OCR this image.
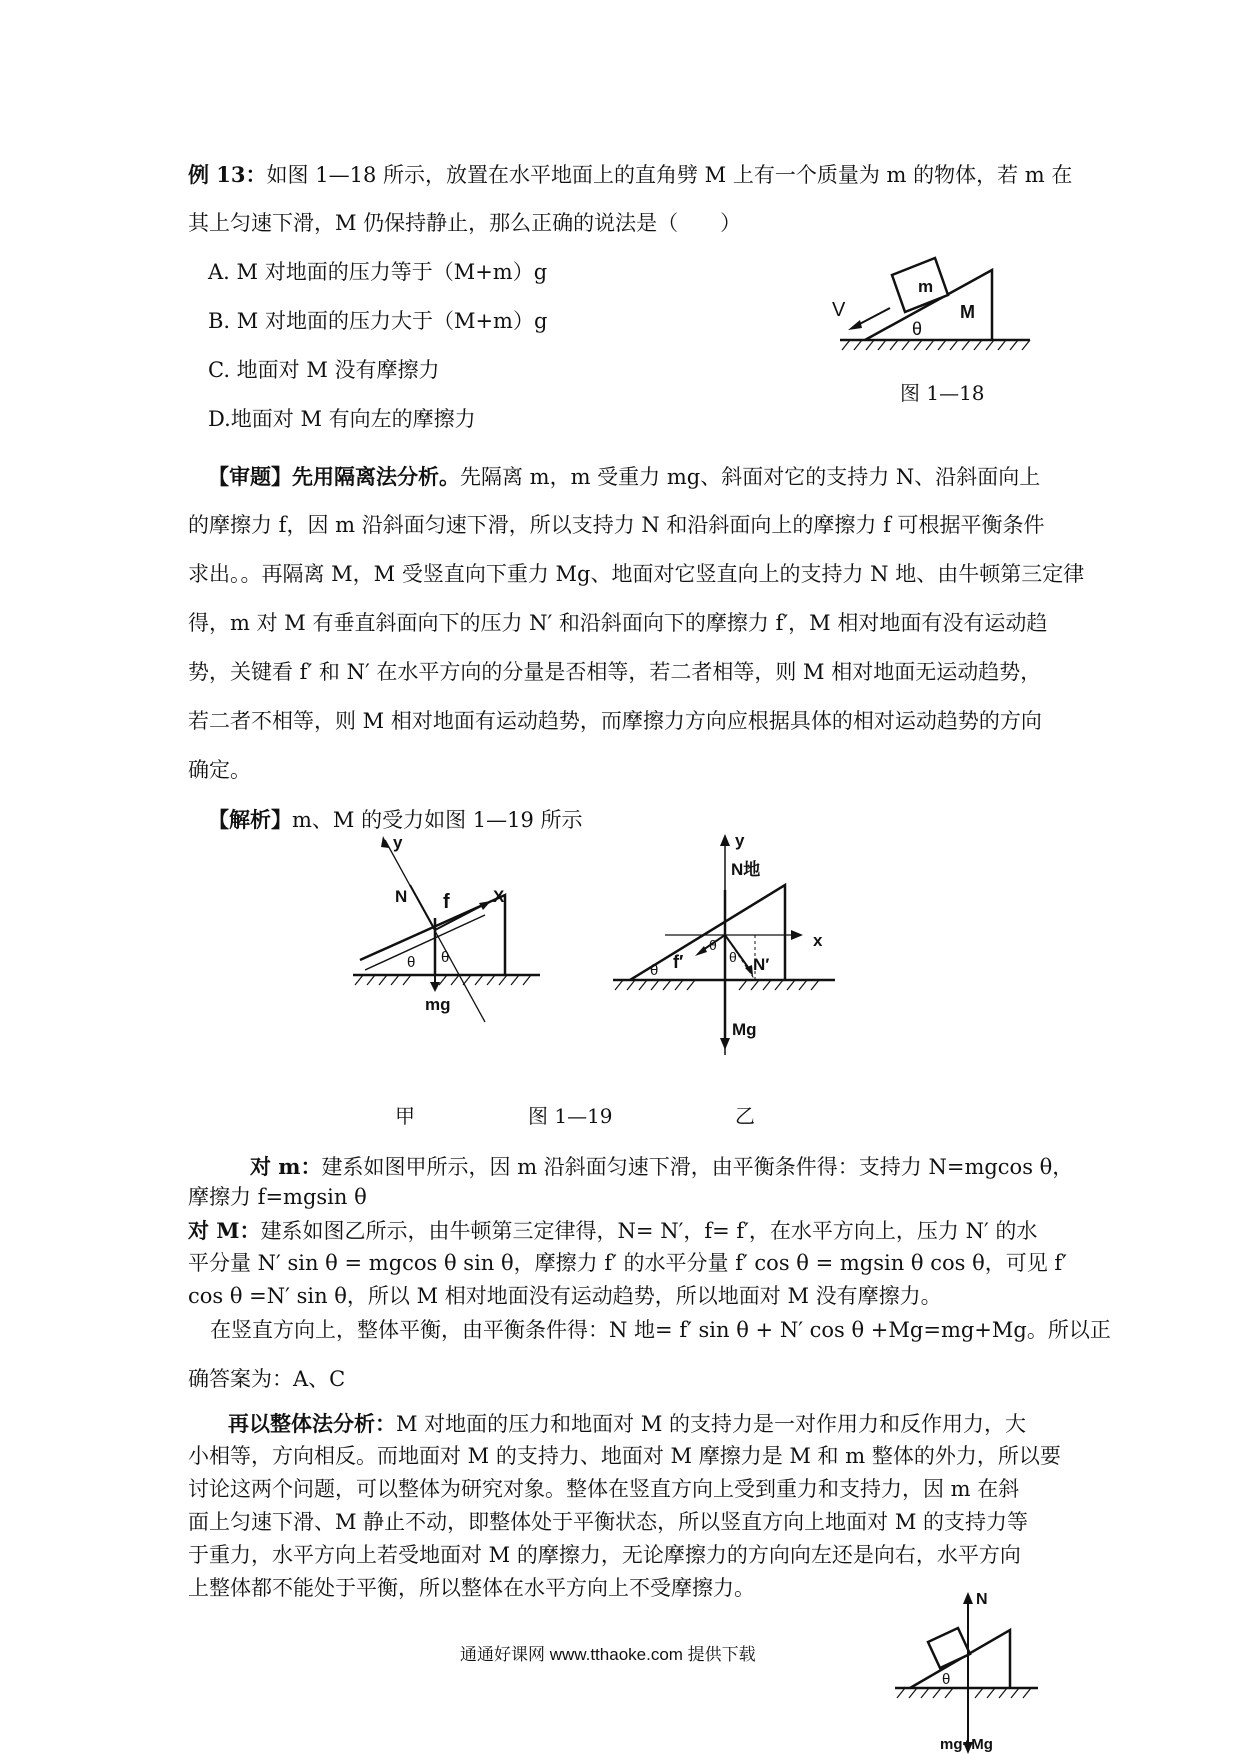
例 13：如图 1—18 所示，放置在水平地面上的直角劈 M 上有一个质量为 m 的物体，若 m 在
其上匀速下滑，M 仍保持静止，那么正确的说法是（　　）
A. M 对地面的压力等于（M+m）g
B. M 对地面的压力大于（M+m）g
C. 地面对 M 没有摩擦力
D.地面对 M 有向左的摩擦力
V
m
θ
M
图 1—18
【审题】先用隔离法分析。先隔离 m，m 受重力 mg、斜面对它的支持力 N、沿斜面向上
的摩擦力 f，因 m 沿斜面匀速下滑，所以支持力 N 和沿斜面向上的摩擦力 f 可根据平衡条件
求出。。再隔离 M，M 受竖直向下重力 Mg、地面对它竖直向上的支持力 N 地、由牛顿第三定律
得，m 对 M 有垂直斜面向下的压力 N′ 和沿斜面向下的摩擦力 f′，M 相对地面有没有运动趋
势，关键看 f′ 和 N′ 在水平方向的分量是否相等，若二者相等，则 M 相对地面无运动趋势，
若二者不相等，则 M 相对地面有运动趋势，而摩擦力方向应根据具体的相对运动趋势的方向
确定。
【解析】m、M 的受力如图 1—19 所示
y
N f	X
θ θ
mg
y
N地
x
f′
θ
θ
θ N′
Mg
甲	图 1—19	乙
对 m：建系如图甲所示，因 m 沿斜面匀速下滑，由平衡条件得：支持力 N=mgcos θ，
摩擦力 f=mgsin θ
对 M：建系如图乙所示，由牛顿第三定律得，N= N′，f= f′，在水平方向上，压力 N′ 的水
平分量 N′ sin θ = mgcos θ sin θ，摩擦力 f′ 的水平分量 f′ cos θ = mgsin θ cos θ，可见 f′
cos θ =N′ sin θ，所以 M 相对地面没有运动趋势，所以地面对 M 没有摩擦力。
在竖直方向上，整体平衡，由平衡条件得：N 地= f′ sin θ + N′ cos θ +Mg=mg+Mg。所以正
确答案为：A、C
再以整体法分析：M 对地面的压力和地面对 M 的支持力是一对作用力和反作用力，大
小相等，方向相反。而地面对 M 的支持力、地面对 M 摩擦力是 M 和 m 整体的外力，所以要
讨论这两个问题，可以整体为研究对象。整体在竖直方向上受到重力和支持力，因 m 在斜
面上匀速下滑、M 静止不动，即整体处于平衡状态，所以竖直方向上地面对 M 的支持力等
于重力，水平方向上若受地面对 M 的摩擦力，无论摩擦力的方向向左还是向右，水平方向
上整体都不能处于平衡，所以整体在水平方向上不受摩擦力。	N
θ
mg+Mg
通通好课网 www.tthaoke.com 提供下载
